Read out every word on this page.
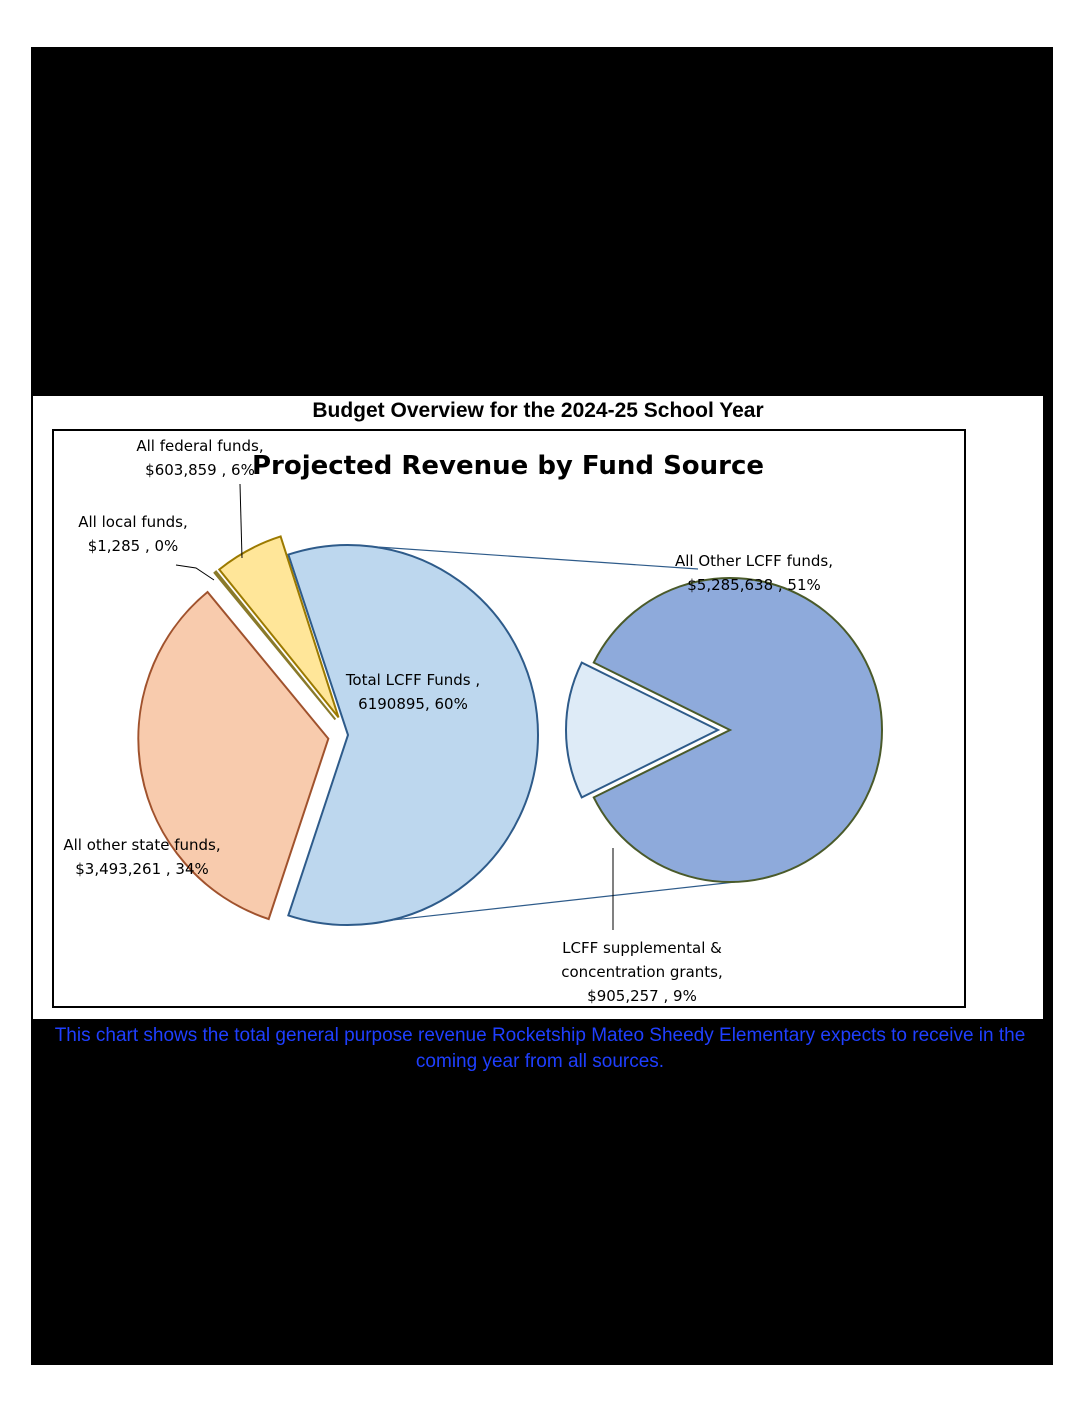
Budget Overview for the 2024-25 School Year
Projected Revenue by Fund Source
Total LCFF Funds , 6190895, 60%
All other state funds, $3,493,261 , 34%
All local funds, $1,285 , 0%
All federal funds, $603,859 , 6%
All Other LCFF funds, $5,285,638 , 51%
LCFF supplemental & concentration grants, $905,257 , 9%
This chart shows the total general purpose revenue Rocketship Mateo Sheedy Elementary expects to receive in the coming year from all sources.
